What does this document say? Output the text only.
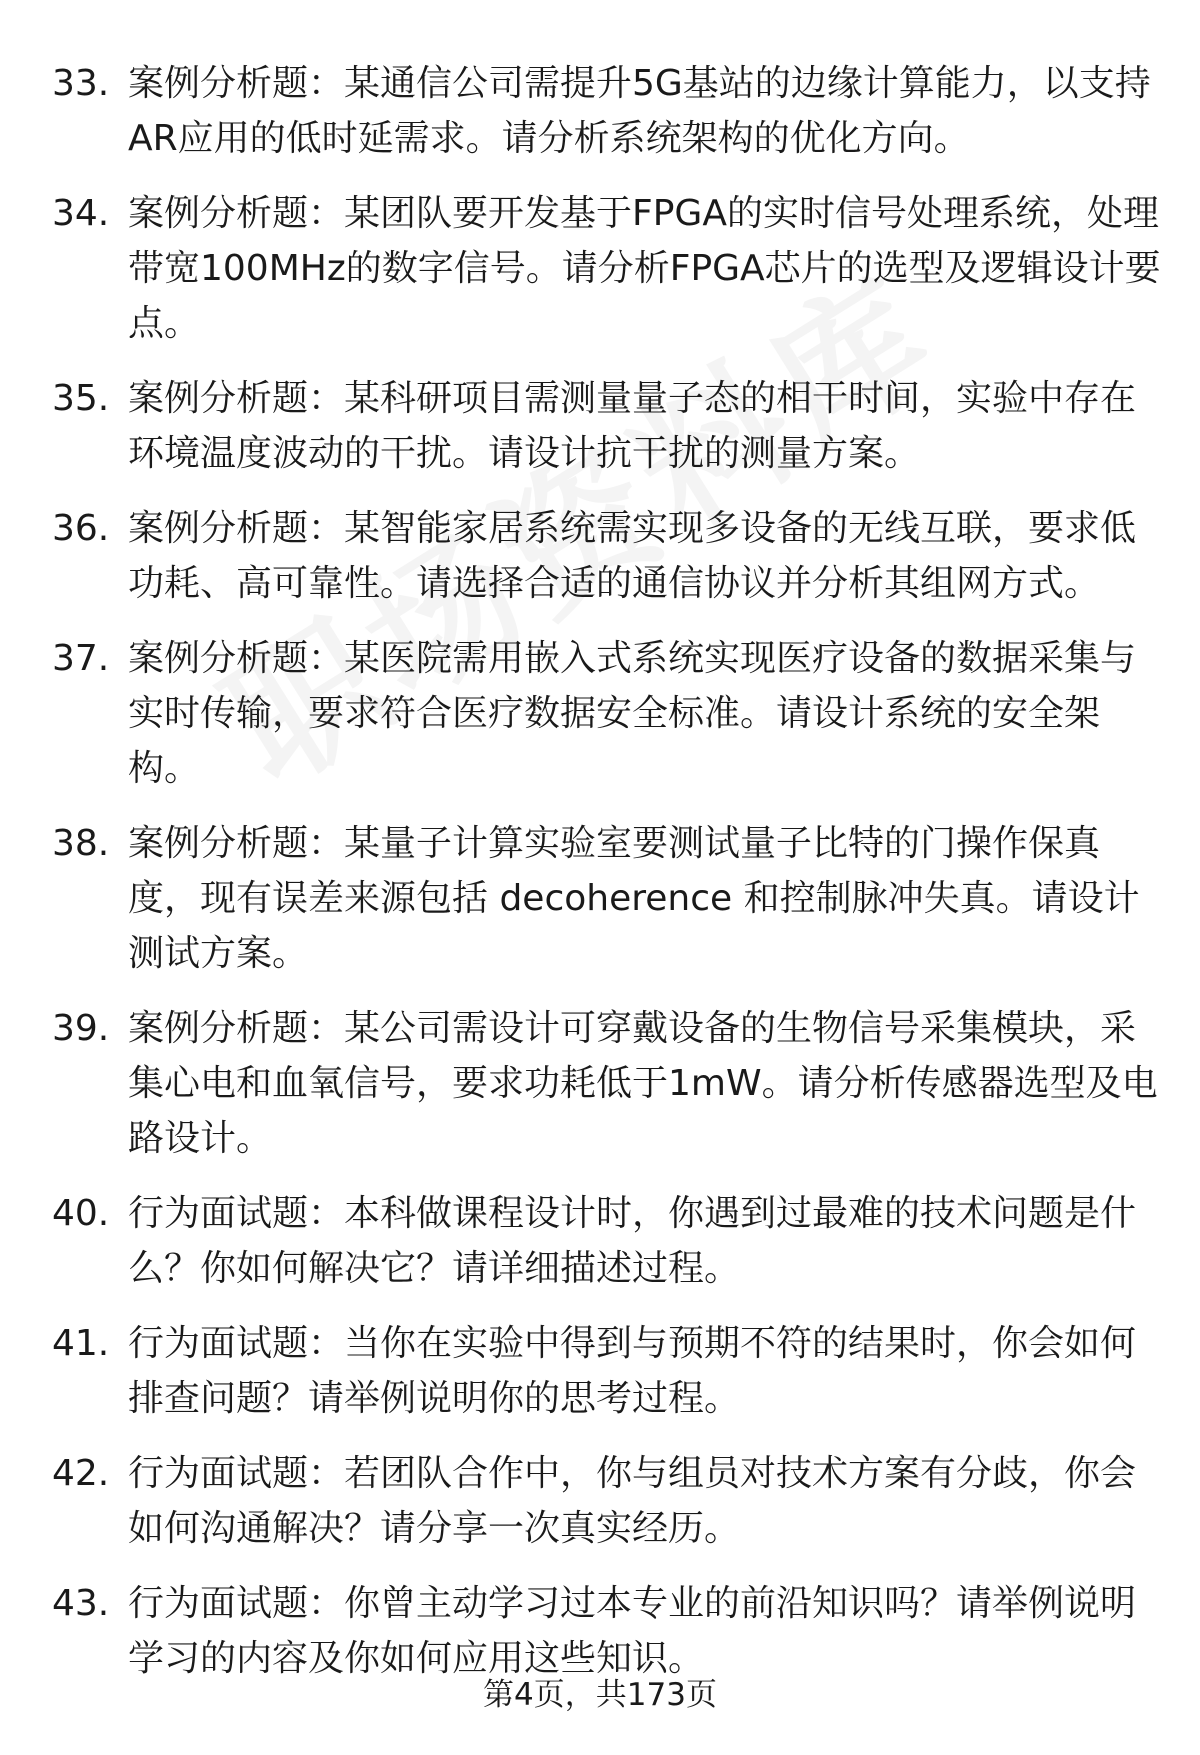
33. 案例分析题：某通信公司需提升5G基站的边缘计算能力，以支持AR应用的低时延需求。请分析系统架构的优化方向。
34. 案例分析题：某团队要开发基于FPGA的实时信号处理系统，处理带宽100MHz的数字信号。请分析FPGA芯片的选型及逻辑设计要点。
35. 案例分析题：某科研项目需测量量子态的相干时间，实验中存在环境温度波动的干扰。请设计抗干扰的测量方案。
36. 案例分析题：某智能家居系统需实现多设备的无线互联，要求低功耗、高可靠性。请选择合适的通信协议并分析其组网方式。
37. 案例分析题：某医院需用嵌入式系统实现医疗设备的数据采集与实时传输，要求符合医疗数据安全标准。请设计系统的安全架构。
38. 案例分析题：某量子计算实验室要测试量子比特的门操作保真度，现有误差来源包括 decoherence 和控制脉冲失真。请设计测试方案。
39. 案例分析题：某公司需设计可穿戴设备的生物信号采集模块，采集心电和血氧信号，要求功耗低于1mW。请分析传感器选型及电路设计。
40. 行为面试题：本科做课程设计时，你遇到过最难的技术问题是什么？你如何解决它？请详细描述过程。
41. 行为面试题：当你在实验中得到与预期不符的结果时，你会如何排查问题？请举例说明你的思考过程。
42. 行为面试题：若团队合作中，你与组员对技术方案有分歧，你会如何沟通解决？请分享一次真实经历。
43. 行为面试题：你曾主动学习过本专业的前沿知识吗？请举例说明学习的内容及你如何应用这些知识。
第4页，共173页
